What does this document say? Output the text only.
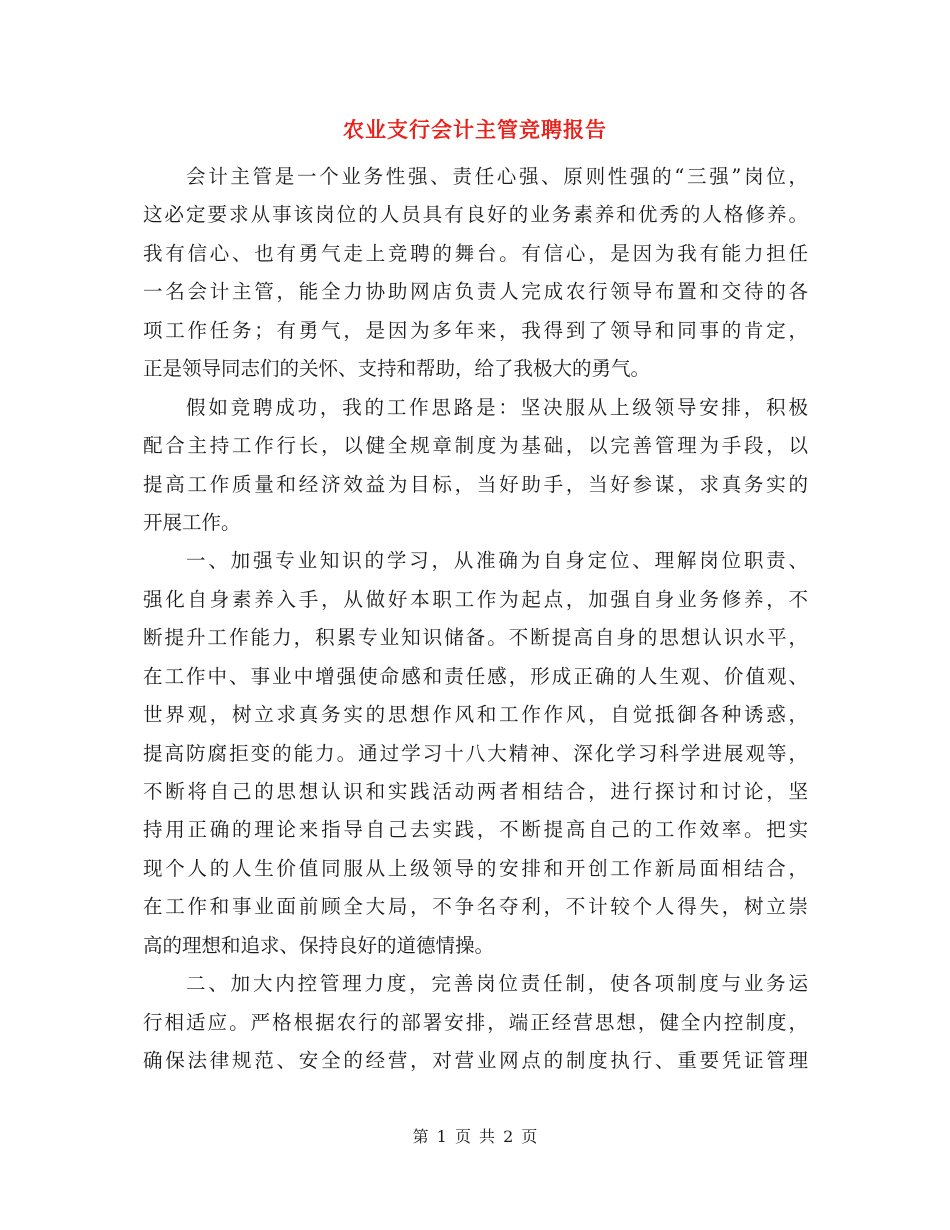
农业支行会计主管竞聘报告
会计主管是一个业务性强、责任心强、原则性强的“三强”岗位，
这必定要求从事该岗位的人员具有良好的业务素养和优秀的人格修养。
我有信心、也有勇气走上竞聘的舞台。有信心，是因为我有能力担任
一名会计主管，能全力协助网店负责人完成农行领导布置和交待的各
项工作任务；有勇气，是因为多年来，我得到了领导和同事的肯定，
正是领导同志们的关怀、支持和帮助，给了我极大的勇气。
假如竞聘成功，我的工作思路是：坚决服从上级领导安排，积极
配合主持工作行长，以健全规章制度为基础，以完善管理为手段，以
提高工作质量和经济效益为目标，当好助手，当好参谋，求真务实的
开展工作。
一、加强专业知识的学习，从准确为自身定位、理解岗位职责、
强化自身素养入手，从做好本职工作为起点，加强自身业务修养，不
断提升工作能力，积累专业知识储备。不断提高自身的思想认识水平，
在工作中、事业中增强使命感和责任感，形成正确的人生观、价值观、
世界观，树立求真务实的思想作风和工作作风，自觉抵御各种诱惑，
提高防腐拒变的能力。通过学习十八大精神、深化学习科学进展观等，
不断将自己的思想认识和实践活动两者相结合，进行探讨和讨论，坚
持用正确的理论来指导自己去实践，不断提高自己的工作效率。把实
现个人的人生价值同服从上级领导的安排和开创工作新局面相结合，
在工作和事业面前顾全大局，不争名夺利，不计较个人得失，树立崇
高的理想和追求、保持良好的道德情操。
二、加大内控管理力度，完善岗位责任制，使各项制度与业务运
行相适应。严格根据农行的部署安排，端正经营思想，健全内控制度，
确保法律规范、安全的经营，对营业网点的制度执行、重要凭证管理
第 1 页 共 2 页
